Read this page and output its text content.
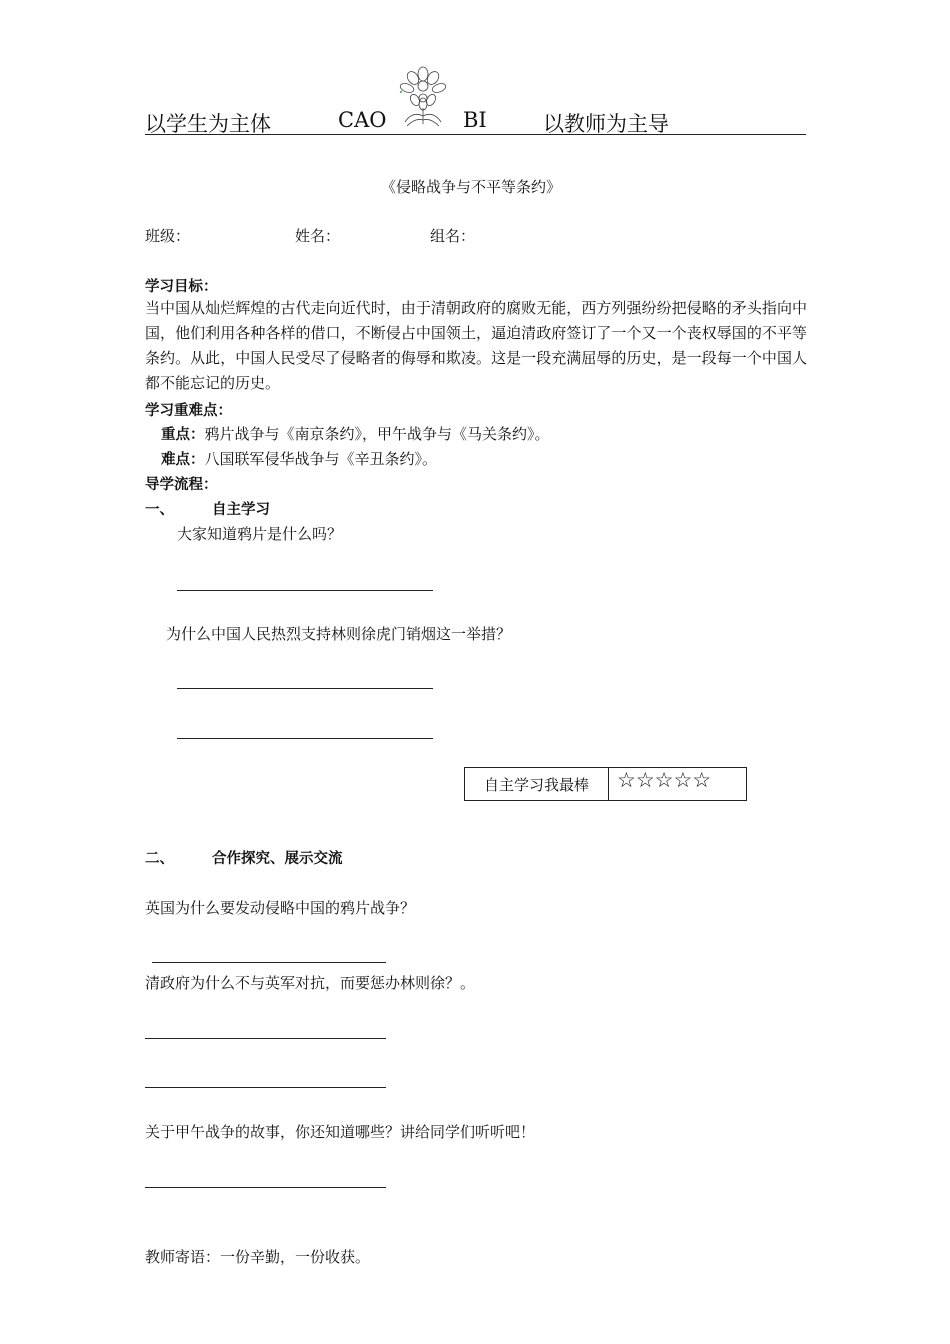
以学生为主体	CAO	BI	以教师为主导
《侵略战争与不平等条约》
班级：	姓名：	组名：
学习目标：
当中国从灿烂辉煌的古代走向近代时，由于清朝政府的腐败无能，西方列强纷纷把侵略的矛头指向中国，他们利用各种各样的借口，不断侵占中国领土，逼迫清政府签订了一个又一个丧权辱国的不平等条约。从此，中国人民受尽了侵略者的侮辱和欺凌。这是一段充满屈辱的历史，是一段每一个中国人都不能忘记的历史。
学习重难点：
重点：鸦片战争与《南京条约》，甲午战争与《马关条约》。
难点：八国联军侵华战争与《辛丑条约》。
导学流程：
一、	自主学习
大家知道鸦片是什么吗？
为什么中国人民热烈支持林则徐虎门销烟这一举措？
自主学习我最棒	☆☆☆☆☆
二、	合作探究、展示交流
英国为什么要发动侵略中国的鸦片战争？
清政府为什么不与英军对抗，而要惩办林则徐？。
关于甲午战争的故事，你还知道哪些？讲给同学们听听吧！
教师寄语：一份辛勤，一份收获。
